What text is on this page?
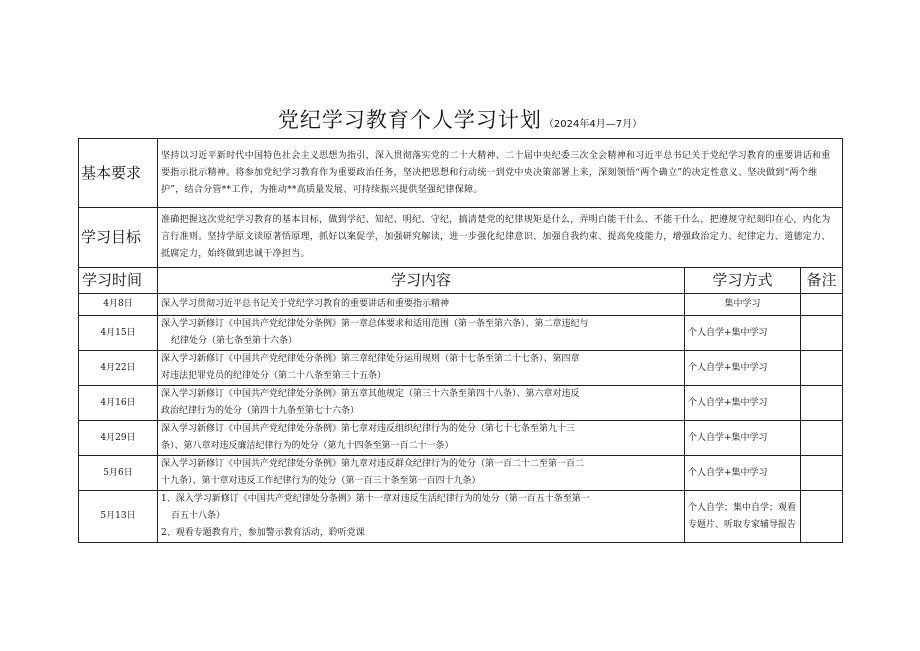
党纪学习教育个人学习计划 （2024年4月—7月）
基本要求	坚持以习近平新时代中国特色社会主义思想为指引，深入贯彻落实党的二十大精神、二十届中央纪委三次全会精神和习近平总书记关于党纪学习教育的重要讲话和重要指示批示精神。将参加党纪学习教育作为重要政治任务，坚决把思想和行动统一到党中央决策部署上来，深刻领悟“两个确立”的决定性意义、坚决做到“两个维护”，结合分管**工作，为推动**高质量发展、可持续振兴提供坚强纪律保障。		
学习目标	准确把握这次党纪学习教育的基本目标，做到学纪、知纪、明纪、守纪，搞清楚党的纪律规矩是什么，弄明白能干什么、不能干什么，把遵规守纪刻印在心，内化为言行准则。坚持学原文读原著悟原理，抓好以案促学，加强研究解读，进一步强化纪律意识、加强自我约束、提高免疫能力，增强政治定力、纪律定力、道德定力、抵腐定力，始终做到忠诚干净担当。		
学习时间	学习内容	学习方式	备注
4月8日	深入学习贯彻习近平总书记关于党纪学习教育的重要讲话和重要指示精神	集中学习	
4月15日	深入学习新修订《中国共产党纪律处分条例》第一章总体要求和适用范围（第一条至第六条）、第二章违纪与
纪律处分（第七条至第十六条）	个人自学+集中学习	
4月22日	深入学习新修订《中国共产党纪律处分条例》第三章纪律处分运用规则（第十七条至第二十七条）、第四章
对违法犯罪党员的纪律处分（第二十八条至第三十五条）	个人自学+集中学习	
4月16日	深入学习新修订《中国共产党纪律处分条例》第五章其他规定（第三十六条至第四十八条）、第六章对违反
政治纪律行为的处分（第四十九条至第七十六条）	个人自学+集中学习	
4月29日	深入学习新修订《中国共产党纪律处分条例》第七章对违反组织纪律行为的处分（第七十七条至第九十三
条）、第八章对违反廉洁纪律行为的处分（第九十四条至第一百二十一条）	个人自学+集中学习	
5月6日	深入学习新修订《中国共产党纪律处分条例》第九章对违反群众纪律行为的处分（第一百二十二至第一百二
十九条）、第十章对违反工作纪律行为的处分（第一百三十条至第一百四十九条）	个人自学+集中学习	
5月13日	1、深入学习新修订《中国共产党纪律处分条例》第十一章对违反生活纪律行为的处分（第一百五十条至第一
百五十八条）
2、观看专题教育片，参加警示教育活动，聆听党课	个人自学；集中自学；观看专题片、听取专家辅导报告	
